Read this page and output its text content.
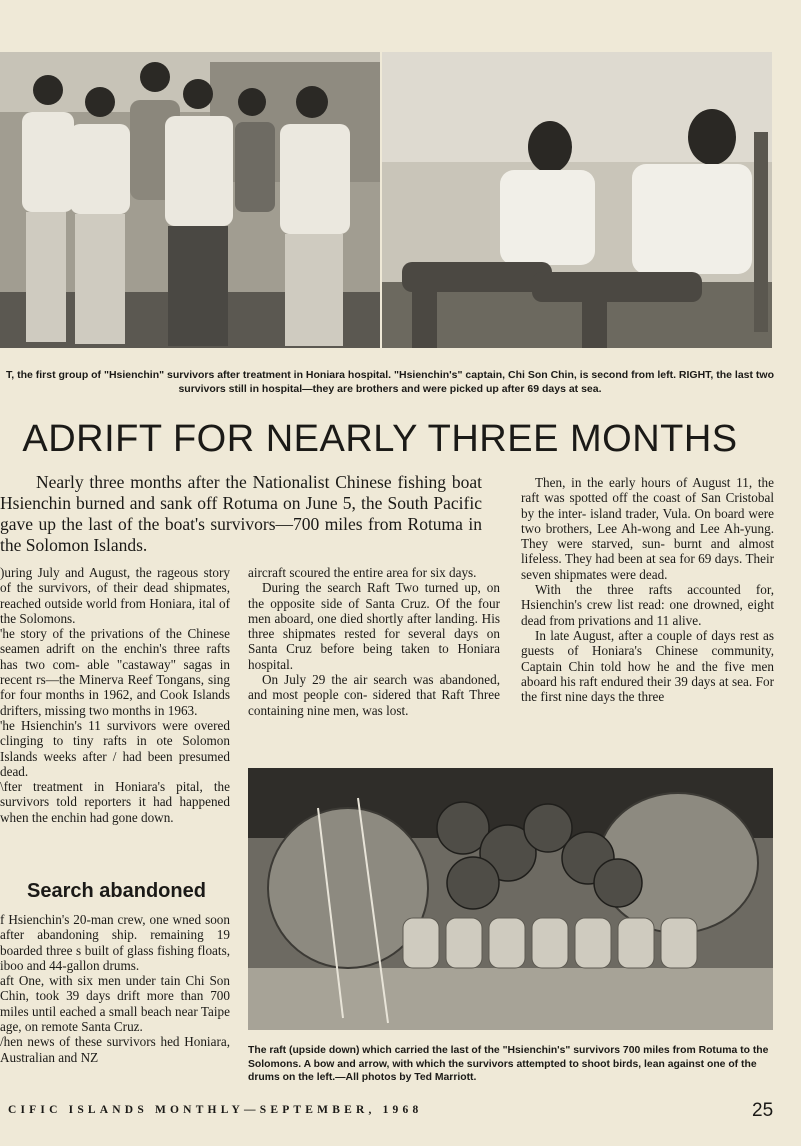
T, the first group of "Hsienchin" survivors after treatment in Honiara hospital. "Hsienchin's" captain, Chi Son Chin, is second from left. RIGHT, the last two survivors still in hospital—they are brothers and were picked up after 69 days at sea.
ADRIFT FOR NEARLY THREE MONTHS
Nearly three months after the Nationalist Chinese fishing boat Hsienchin burned and sank off Rotuma on June 5, the South Pacific gave up the last of the boat's survivors—700 miles from Rotuma in the Solomon Islands.

)uring July and August, the rageous story of the survivors, of their dead shipmates, reached outside world from Honiara, ital of the Solomons.

'he story of the privations of the Chinese seamen adrift on the enchin's three rafts has two com- able "castaway" sagas in recent rs—the Minerva Reef Tongans, sing for four months in 1962, and Cook Islands drifters, missing two months in 1963.

'he Hsienchin's 11 survivors were overed clinging to tiny rafts in ote Solomon Islands weeks after / had been presumed dead.

\fter treatment in Honiara's pital, the survivors told reporters it had happened when the enchin had gone down.

Search abandoned

f Hsienchin's 20-man crew, one wned soon after abandoning ship. remaining 19 boarded three s built of glass fishing floats, iboo and 44-gallon drums.

aft One, with six men under tain Chi Son Chin, took 39 days drift more than 700 miles until eached a small beach near Taipe age, on remote Santa Cruz.

/hen news of these survivors hed Honiara, Australian and NZ

aircraft scoured the entire area for six days.

During the search Raft Two turned up, on the opposite side of Santa Cruz. Of the four men aboard, one died shortly after landing. His three shipmates rested for several days on Santa Cruz before being taken to Honiara hospital.

On July 29 the air search was abandoned, and most people con- sidered that Raft Three containing nine men, was lost.

Then, in the early hours of August 11, the raft was spotted off the coast of San Cristobal by the inter- island trader, Vula. On board were two brothers, Lee Ah-wong and Lee Ah-yung. They were starved, sun- burnt and almost lifeless. They had been at sea for 69 days. Their seven shipmates were dead.

With the three rafts accounted for, Hsienchin's crew list read: one drowned, eight dead from privations and 11 alive.

In late August, after a couple of days rest as guests of Honiara's Chinese community, Captain Chin told how he and the five men aboard his raft endured their 39 days at sea. For the first nine days the three

The raft (upside down) which carried the last of the "Hsienchin's" survivors 700 miles from Rotuma to the Solomons. A bow and arrow, with which the survivors attempted to shoot birds, lean against one of the drums on the left.—All photos by Ted Marriott.
CIFIC ISLANDS MONTHLY—SEPTEMBER, 1968	25
